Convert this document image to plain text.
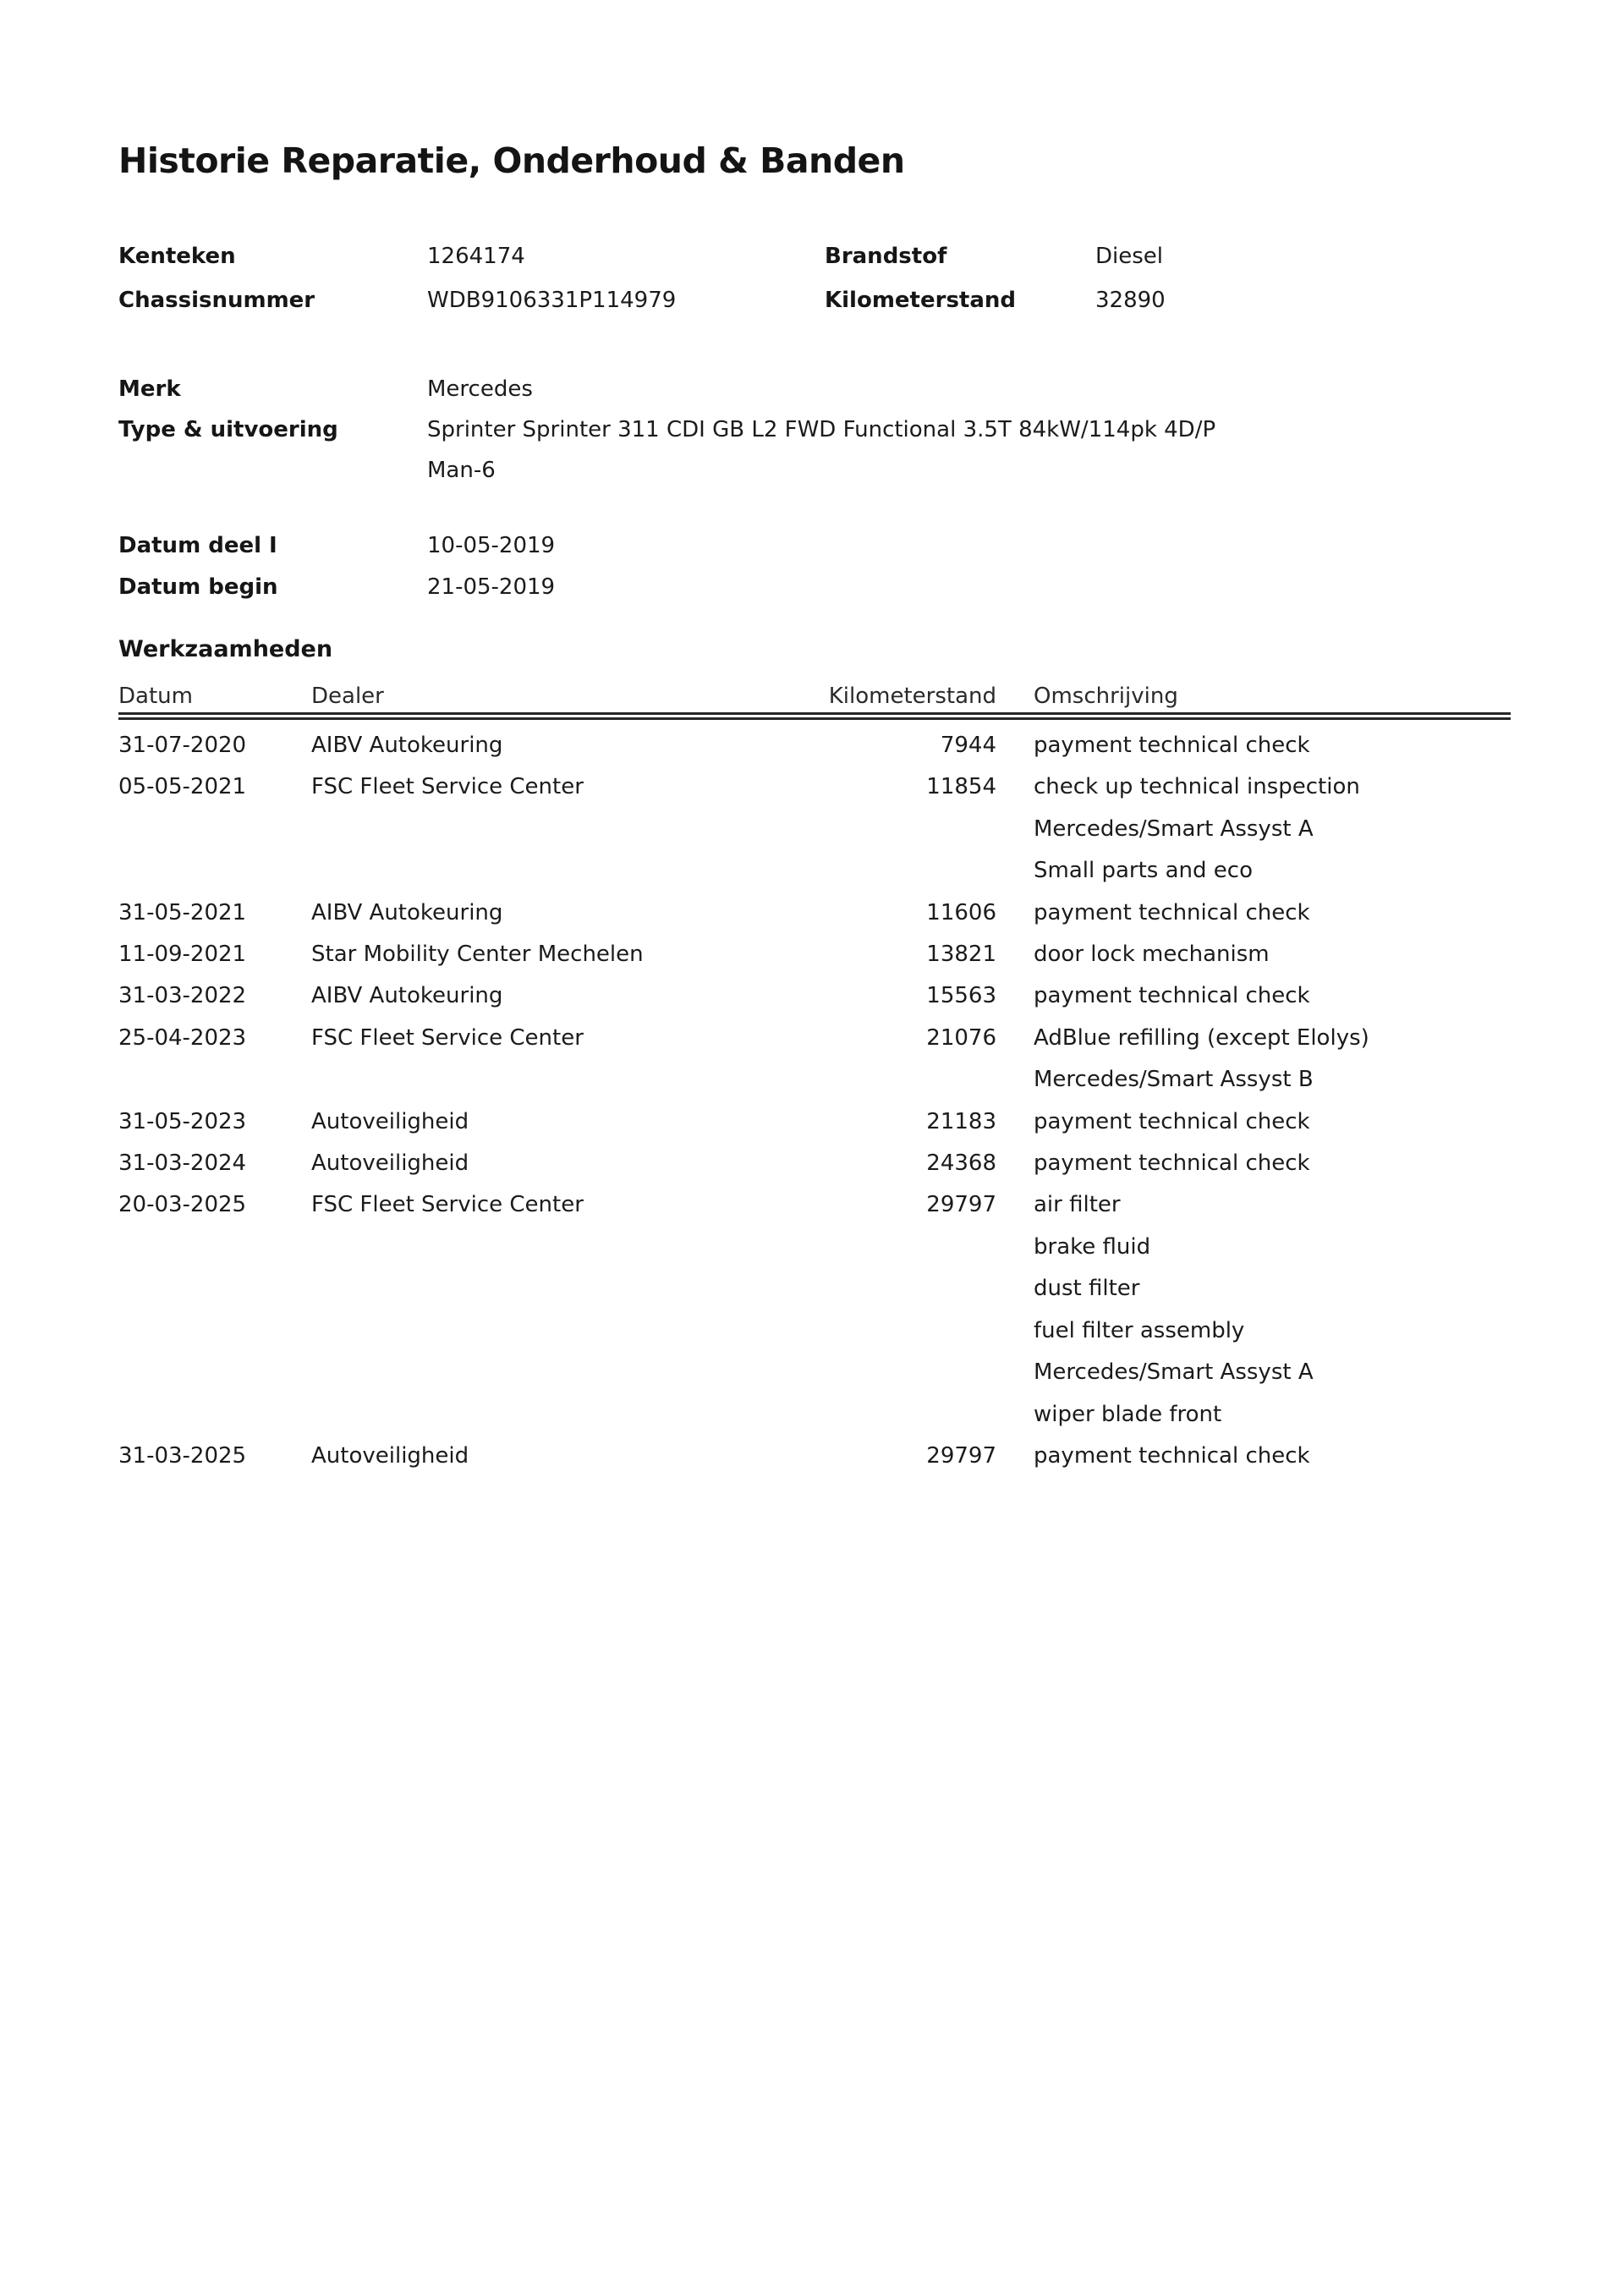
Historie Reparatie, Onderhoud & Banden
Kenteken	1264174	Brandstof	Diesel
Chassisnummer	WDB9106331P114979	Kilometerstand	32890
Merk	Mercedes
Type & uitvoering	Sprinter Sprinter 311 CDI GB L2 FWD Functional 3.5T 84kW/114pk 4D/P Man-6
Datum deel I	10-05-2019
Datum begin	21-05-2019
Werkzaamheden
Datum	Dealer	Kilometerstand	Omschrijving
31-07-2020	AIBV Autokeuring	7944	payment technical check
05-05-2021	FSC Fleet Service Center	11854	check up technical inspection
Mercedes/Smart Assyst A
Small parts and eco
31-05-2021	AIBV Autokeuring	11606	payment technical check
11-09-2021	Star Mobility Center Mechelen	13821	door lock mechanism
31-03-2022	AIBV Autokeuring	15563	payment technical check
25-04-2023	FSC Fleet Service Center	21076	AdBlue refilling (except Elolys)
Mercedes/Smart Assyst B
31-05-2023	Autoveiligheid	21183	payment technical check
31-03-2024	Autoveiligheid	24368	payment technical check
20-03-2025	FSC Fleet Service Center	29797	air filter
brake fluid
dust filter
fuel filter assembly
Mercedes/Smart Assyst A
wiper blade front
31-03-2025	Autoveiligheid	29797	payment technical check
